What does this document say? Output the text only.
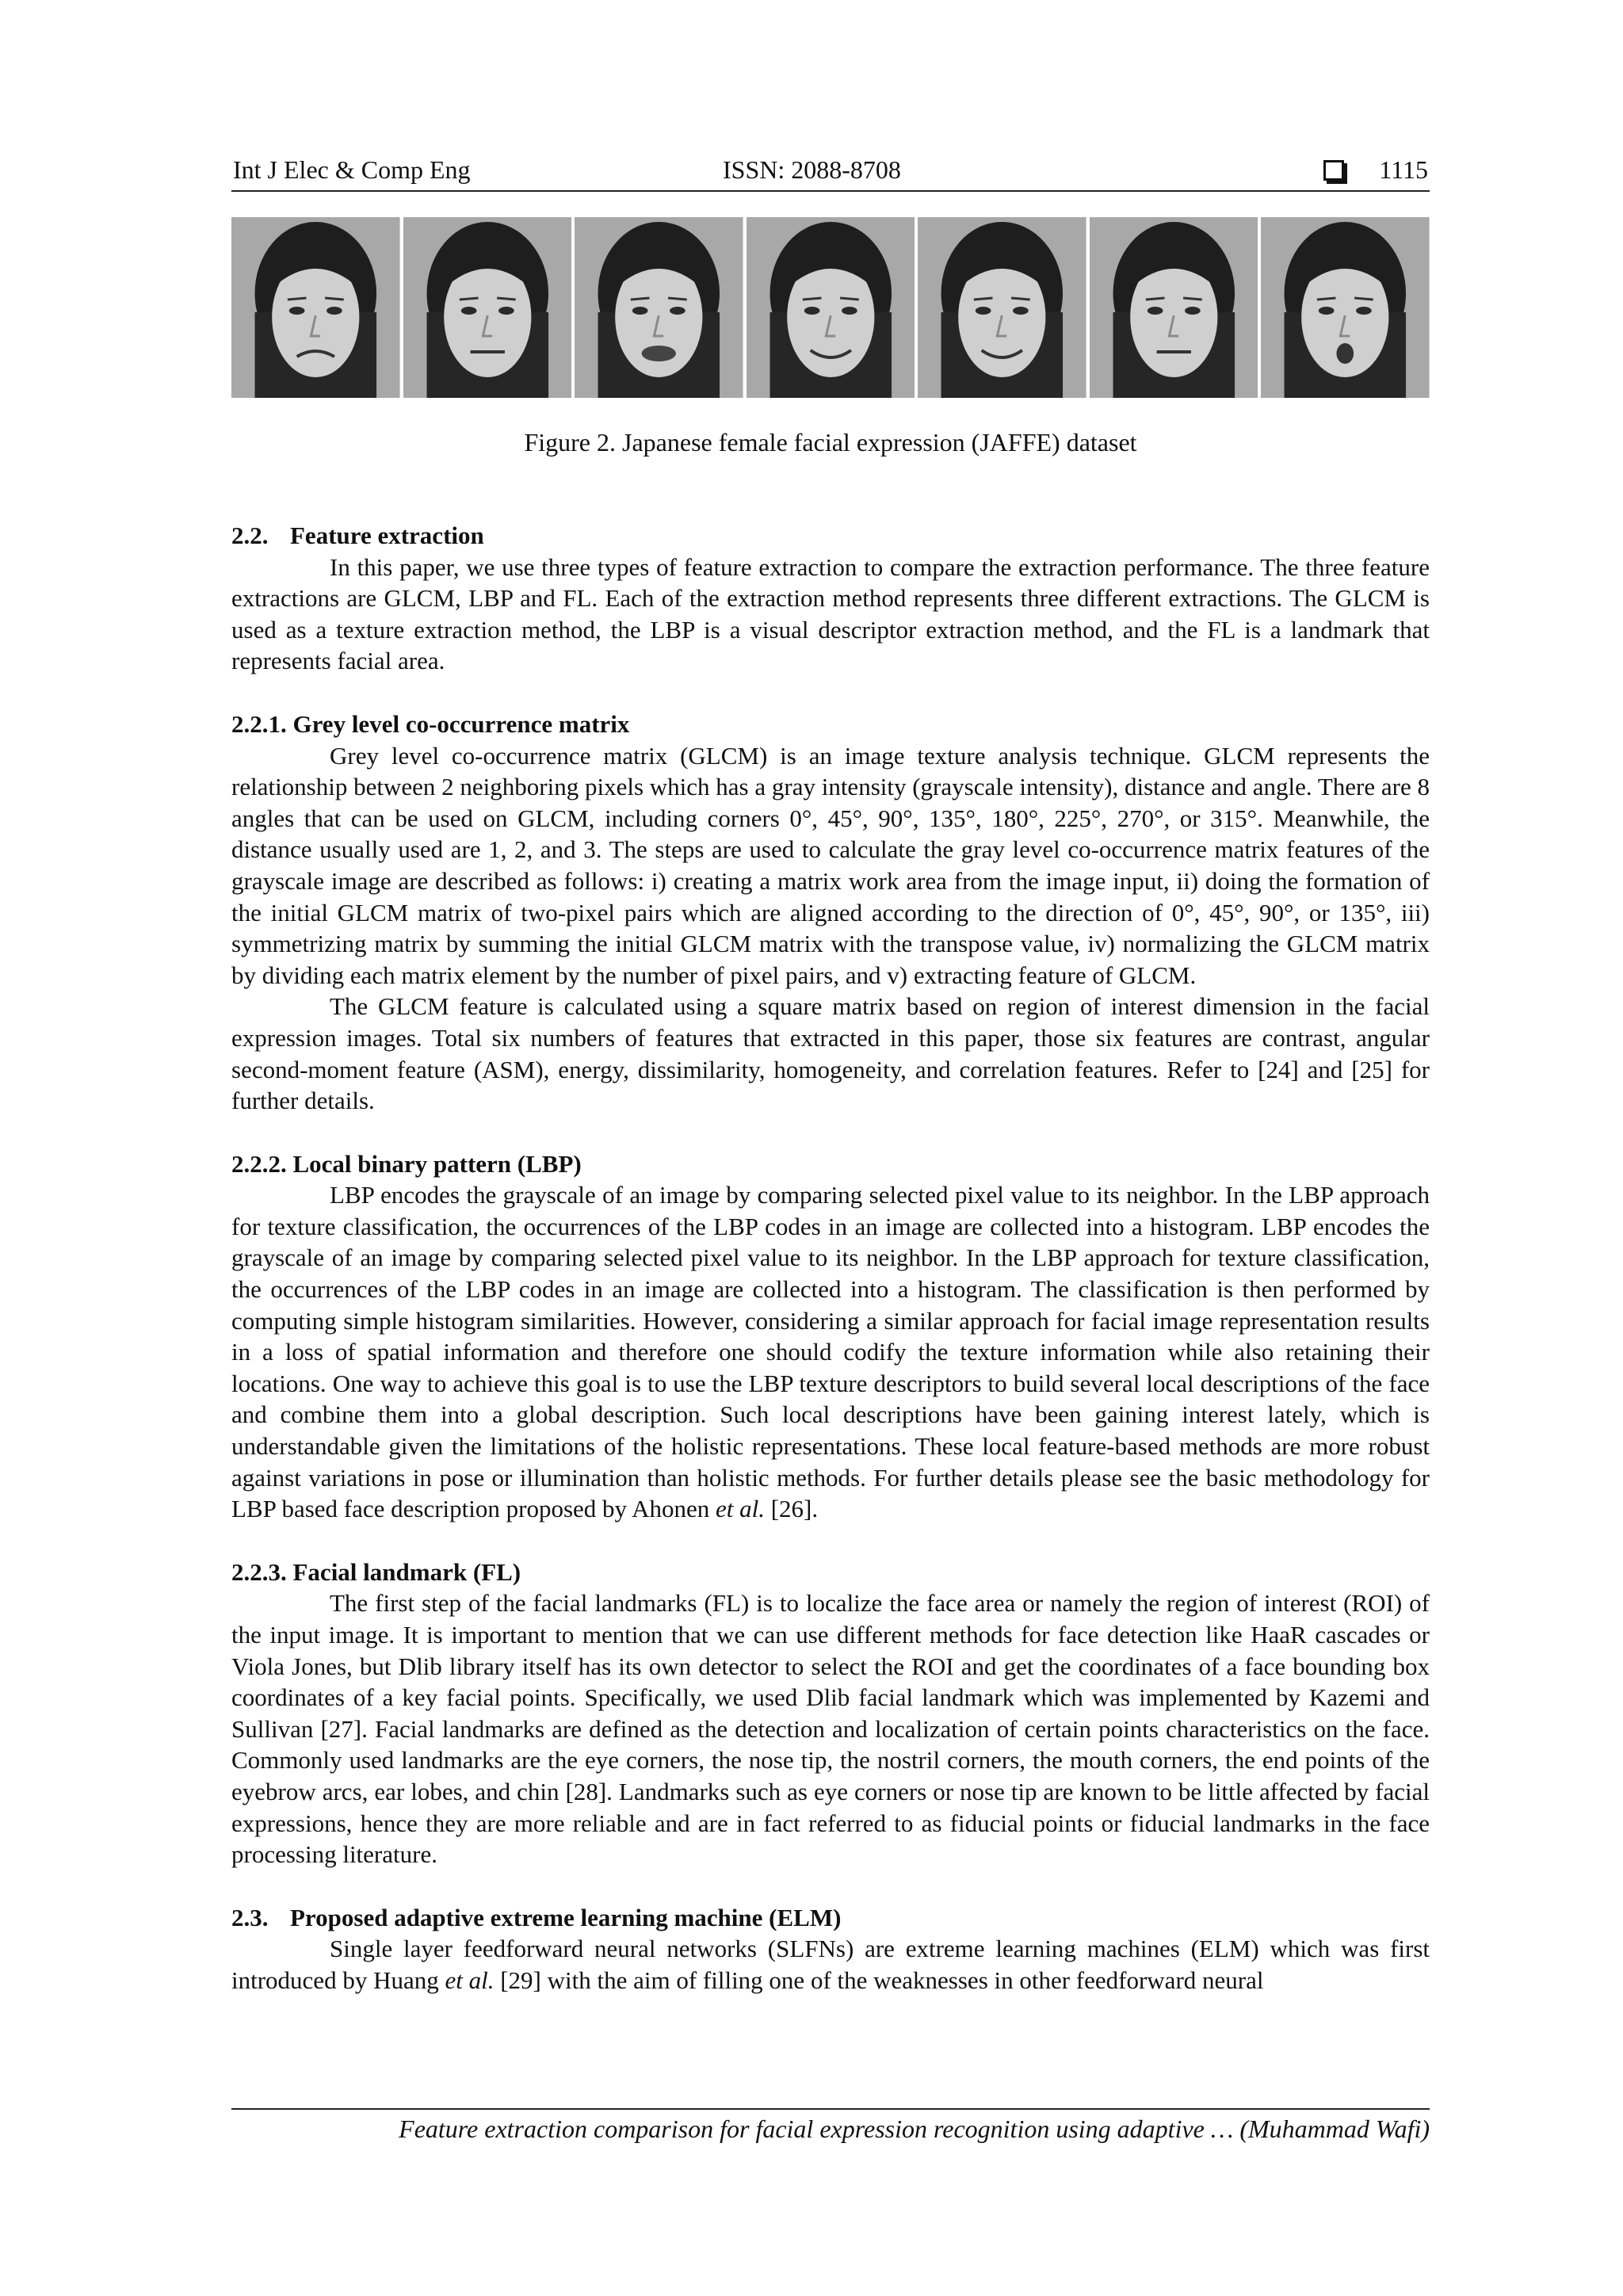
Int J Elec & Comp Eng	ISSN: 2088-8708	1115
Figure 2. Japanese female facial expression (JAFFE) dataset
2.2. Feature extraction

In this paper, we use three types of feature extraction to compare the extraction performance. The three feature extractions are GLCM, LBP and FL. Each of the extraction method represents three different extractions. The GLCM is used as a texture extraction method, the LBP is a visual descriptor extraction method, and the FL is a landmark that represents facial area.

2.2.1. Grey level co-occurrence matrix

Grey level co-occurrence matrix (GLCM) is an image texture analysis technique. GLCM represents the relationship between 2 neighboring pixels which has a gray intensity (grayscale intensity), distance and angle. There are 8 angles that can be used on GLCM, including corners 0°, 45°, 90°, 135°, 180°, 225°, 270°, or 315°. Meanwhile, the distance usually used are 1, 2, and 3. The steps are used to calculate the gray level co-occurrence matrix features of the grayscale image are described as follows: i) creating a matrix work area from the image input, ii) doing the formation of the initial GLCM matrix of two-pixel pairs which are aligned according to the direction of 0°, 45°, 90°, or 135°, iii) symmetrizing matrix by summing the initial GLCM matrix with the transpose value, iv) normalizing the GLCM matrix by dividing each matrix element by the number of pixel pairs, and v) extracting feature of GLCM.

The GLCM feature is calculated using a square matrix based on region of interest dimension in the facial expression images. Total six numbers of features that extracted in this paper, those six features are contrast, angular second-moment feature (ASM), energy, dissimilarity, homogeneity, and correlation features. Refer to [24] and [25] for further details.

2.2.2. Local binary pattern (LBP)

LBP encodes the grayscale of an image by comparing selected pixel value to its neighbor. In the LBP approach for texture classification, the occurrences of the LBP codes in an image are collected into a histogram. LBP encodes the grayscale of an image by comparing selected pixel value to its neighbor. In the LBP approach for texture classification, the occurrences of the LBP codes in an image are collected into a histogram. The classification is then performed by computing simple histogram similarities. However, considering a similar approach for facial image representation results in a loss of spatial information and therefore one should codify the texture information while also retaining their locations. One way to achieve this goal is to use the LBP texture descriptors to build several local descriptions of the face and combine them into a global description. Such local descriptions have been gaining interest lately, which is understandable given the limitations of the holistic representations. These local feature-based methods are more robust against variations in pose or illumination than holistic methods. For further details please see the basic methodology for LBP based face description proposed by Ahonen et al. [26].

2.2.3. Facial landmark (FL)

The first step of the facial landmarks (FL) is to localize the face area or namely the region of interest (ROI) of the input image. It is important to mention that we can use different methods for face detection like HaaR cascades or Viola Jones, but Dlib library itself has its own detector to select the ROI and get the coordinates of a face bounding box coordinates of a key facial points. Specifically, we used Dlib facial landmark which was implemented by Kazemi and Sullivan [27]. Facial landmarks are defined as the detection and localization of certain points characteristics on the face. Commonly used landmarks are the eye corners, the nose tip, the nostril corners, the mouth corners, the end points of the eyebrow arcs, ear lobes, and chin [28]. Landmarks such as eye corners or nose tip are known to be little affected by facial expressions, hence they are more reliable and are in fact referred to as fiducial points or fiducial landmarks in the face processing literature.

2.3. Proposed adaptive extreme learning machine (ELM)

Single layer feedforward neural networks (SLFNs) are extreme learning machines (ELM) which was first introduced by Huang et al. [29] with the aim of filling one of the weaknesses in other feedforward neural

Feature extraction comparison for facial expression recognition using adaptive … (Muhammad Wafi)
